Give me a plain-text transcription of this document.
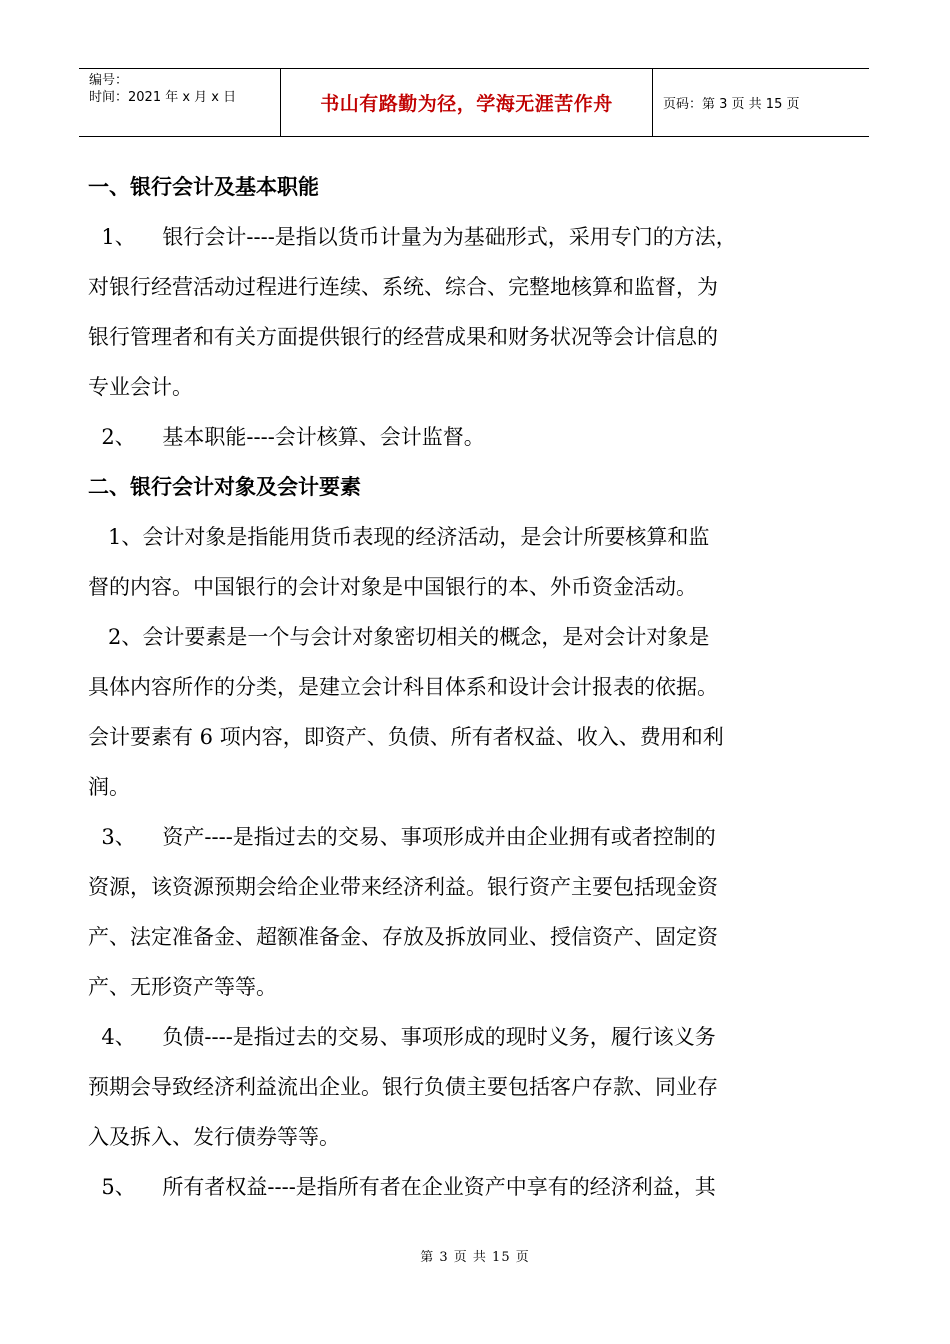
编号：
时间：2021 年 x 月 x 日	书山有路勤为径，学海无涯苦作舟	页码：第 3 页 共 15 页
一、银行会计及基本职能
1、    银行会计----是指以货币计量为为基础形式，采用专门的方法，
对银行经营活动过程进行连续、系统、综合、完整地核算和监督，为
银行管理者和有关方面提供银行的经营成果和财务状况等会计信息的
专业会计。
2、    基本职能----会计核算、会计监督。
二、银行会计对象及会计要素
1、会计对象是指能用货币表现的经济活动，是会计所要核算和监
督的内容。中国银行的会计对象是中国银行的本、外币资金活动。
2、会计要素是一个与会计对象密切相关的概念，是对会计对象是
具体内容所作的分类，是建立会计科目体系和设计会计报表的依据。
会计要素有 6 项内容，即资产、负债、所有者权益、收入、费用和利
润。
3、    资产----是指过去的交易、事项形成并由企业拥有或者控制的
资源，该资源预期会给企业带来经济利益。银行资产主要包括现金资
产、法定准备金、超额准备金、存放及拆放同业、授信资产、固定资
产、无形资产等等。
4、    负债----是指过去的交易、事项形成的现时义务，履行该义务
预期会导致经济利益流出企业。银行负债主要包括客户存款、同业存
入及拆入、发行债券等等。
5、    所有者权益----是指所有者在企业资产中享有的经济利益，其
第 3 页 共 15 页
